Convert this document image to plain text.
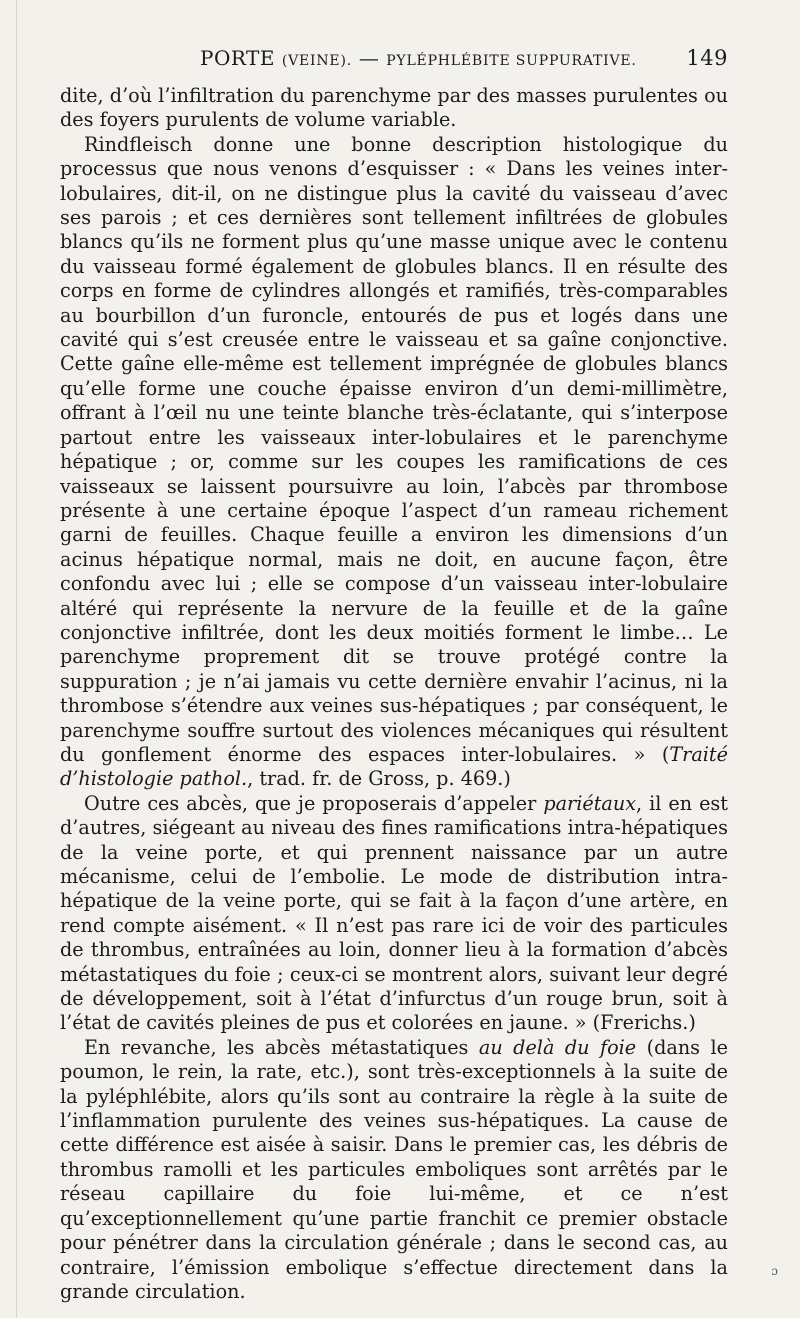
PORTE (VEINE). — PYLÉPHLÉBITE SUPPURATIVE. 149

dite, d’où l’infiltration du parenchyme par des masses purulentes ou des foyers purulents de volume variable.

Rindfleisch donne une bonne description histologique du processus que nous venons d’esquisser : « Dans les veines inter-lobulaires, dit-il, on ne distingue plus la cavité du vaisseau d’avec ses parois ; et ces dernières sont tellement infiltrées de globules blancs qu’ils ne forment plus qu’une masse unique avec le contenu du vaisseau formé également de globules blancs. Il en résulte des corps en forme de cylindres allongés et ramifiés, très-comparables au bourbillon d’un furoncle, entourés de pus et logés dans une cavité qui s’est creusée entre le vaisseau et sa gaîne conjonctive. Cette gaîne elle-même est tellement imprégnée de globules blancs qu’elle forme une couche épaisse environ d’un demi-millimètre, offrant à l’œil nu une teinte blanche très-éclatante, qui s’interpose partout entre les vaisseaux inter-lobulaires et le parenchyme hépatique ; or, comme sur les coupes les ramifications de ces vaisseaux se laissent poursuivre au loin, l’abcès par thrombose présente à une certaine époque l’aspect d’un rameau richement garni de feuilles. Chaque feuille a environ les dimensions d’un acinus hépatique normal, mais ne doit, en aucune façon, être confondu avec lui ; elle se compose d’un vaisseau inter-lobulaire altéré qui représente la nervure de la feuille et de la gaîne conjonctive infiltrée, dont les deux moitiés forment le limbe… Le parenchyme proprement dit se trouve protégé contre la suppuration ; je n’ai jamais vu cette dernière envahir l’acinus, ni la thrombose s’étendre aux veines sus-hépatiques ; par conséquent, le parenchyme souffre surtout des violences mécaniques qui résultent du gonflement énorme des espaces inter-lobulaires. » (Traité d’histologie pathol., trad. fr. de Gross, p. 469.)

Outre ces abcès, que je proposerais d’appeler pariétaux, il en est d’autres, siégeant au niveau des fines ramifications intra-hépatiques de la veine porte, et qui prennent naissance par un autre mécanisme, celui de l’embolie. Le mode de distribution intra-hépatique de la veine porte, qui se fait à la façon d’une artère, en rend compte aisément. « Il n’est pas rare ici de voir des particules de thrombus, entraînées au loin, donner lieu à la formation d’abcès métastatiques du foie ; ceux-ci se montrent alors, suivant leur degré de développement, soit à l’état d’infurctus d’un rouge brun, soit à l’état de cavités pleines de pus et colorées en jaune. » (Frerichs.)

En revanche, les abcès métastatiques au delà du foie (dans le poumon, le rein, la rate, etc.), sont très-exceptionnels à la suite de la pyléphlébite, alors qu’ils sont au contraire la règle à la suite de l’inflammation purulente des veines sus-hépatiques. La cause de cette différence est aisée à saisir. Dans le premier cas, les débris de thrombus ramolli et les particules emboliques sont arrêtés par le réseau capillaire du foie lui-même, et ce n’est qu’exceptionnellement qu’une partie franchit ce premier obstacle pour pénétrer dans la circulation générale ; dans le second cas, au contraire, l’émission embolique s’effectue directement dans la grande circulation.

ɔ
